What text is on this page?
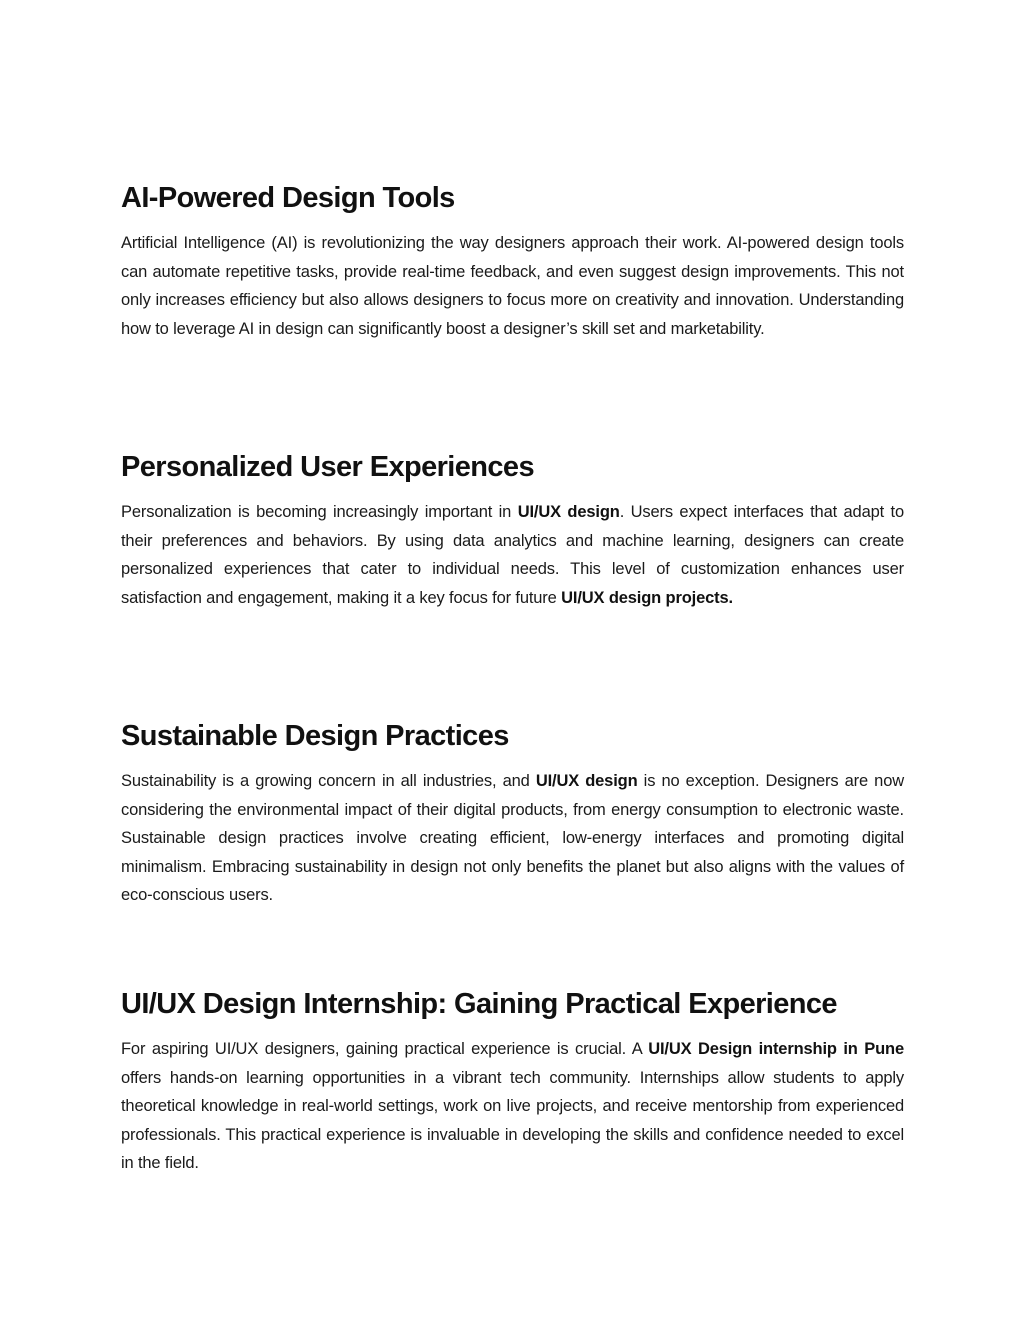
AI-Powered Design Tools

Artificial Intelligence (AI) is revolutionizing the way designers approach their work. AI-powered design tools can automate repetitive tasks, provide real-time feedback, and even suggest design improvements. This not only increases efficiency but also allows designers to focus more on creativity and innovation. Understanding how to leverage AI in design can significantly boost a designer’s skill set and marketability.

Personalized User Experiences

Personalization is becoming increasingly important in UI/UX design. Users expect interfaces that adapt to their preferences and behaviors. By using data analytics and machine learning, designers can create personalized experiences that cater to individual needs. This level of customization enhances user satisfaction and engagement, making it a key focus for future UI/UX design projects.

Sustainable Design Practices

Sustainability is a growing concern in all industries, and UI/UX design is no exception. Designers are now considering the environmental impact of their digital products, from energy consumption to electronic waste. Sustainable design practices involve creating efficient, low-energy interfaces and promoting digital minimalism. Embracing sustainability in design not only benefits the planet but also aligns with the values of eco-conscious users.

UI/UX Design Internship: Gaining Practical Experience

For aspiring UI/UX designers, gaining practical experience is crucial. A UI/UX Design internship in Pune offers hands-on learning opportunities in a vibrant tech community. Internships allow students to apply theoretical knowledge in real-world settings, work on live projects, and receive mentorship from experienced professionals. This practical experience is invaluable in developing the skills and confidence needed to excel in the field.
